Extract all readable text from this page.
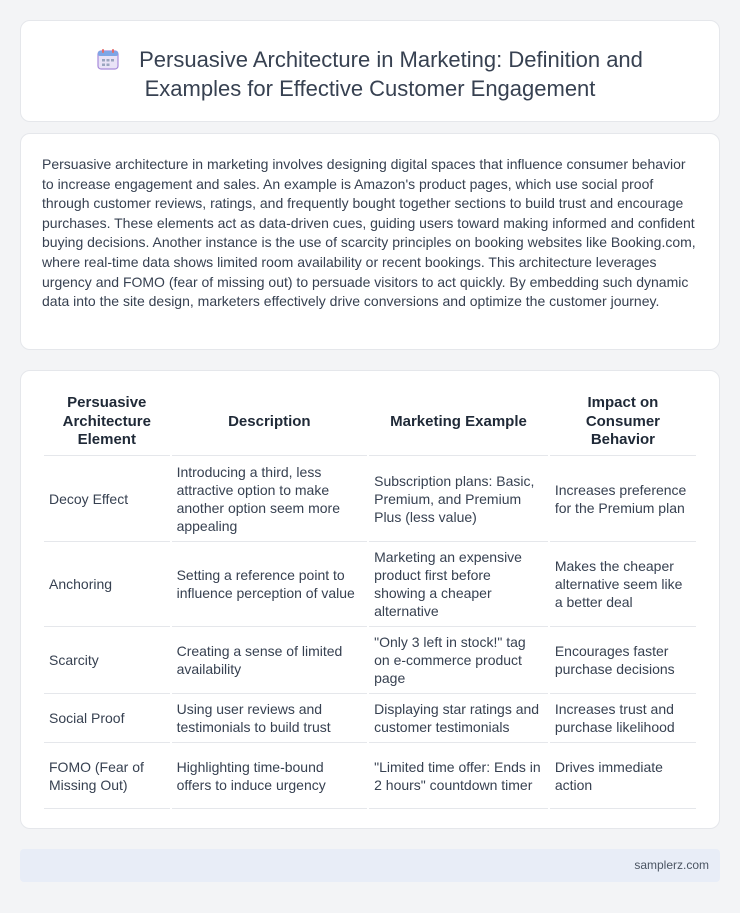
Persuasive Architecture in Marketing: Definition and
Examples for Effective Customer Engagement

Persuasive architecture in marketing involves designing digital spaces that influence consumer behavior to increase engagement and sales. An example is Amazon's product pages, which use social proof through customer reviews, ratings, and frequently bought together sections to build trust and encourage purchases. These elements act as data-driven cues, guiding users toward making informed and confident buying decisions. Another instance is the use of scarcity principles on booking websites like Booking.com, where real-time data shows limited room availability or recent bookings. This architecture leverages urgency and FOMO (fear of missing out) to persuade visitors to act quickly. By embedding such dynamic data into the site design, marketers effectively drive conversions and optimize the customer journey.

Persuasive Architecture Element	Description	Marketing Example	Impact on Consumer Behavior
Decoy Effect	Introducing a third, less attractive option to make another option seem more appealing	Subscription plans: Basic, Premium, and Premium Plus (less value)	Increases preference for the Premium plan
Anchoring	Setting a reference point to influence perception of value	Marketing an expensive product first before showing a cheaper alternative	Makes the cheaper alternative seem like a better deal
Scarcity	Creating a sense of limited availability	"Only 3 left in stock!" tag on e-commerce product page	Encourages faster purchase decisions
Social Proof	Using user reviews and testimonials to build trust	Displaying star ratings and customer testimonials	Increases trust and purchase likelihood
FOMO (Fear of Missing Out)	Highlighting time-bound offers to induce urgency	"Limited time offer: Ends in 2 hours" countdown timer	Drives immediate action
samplerz.com
